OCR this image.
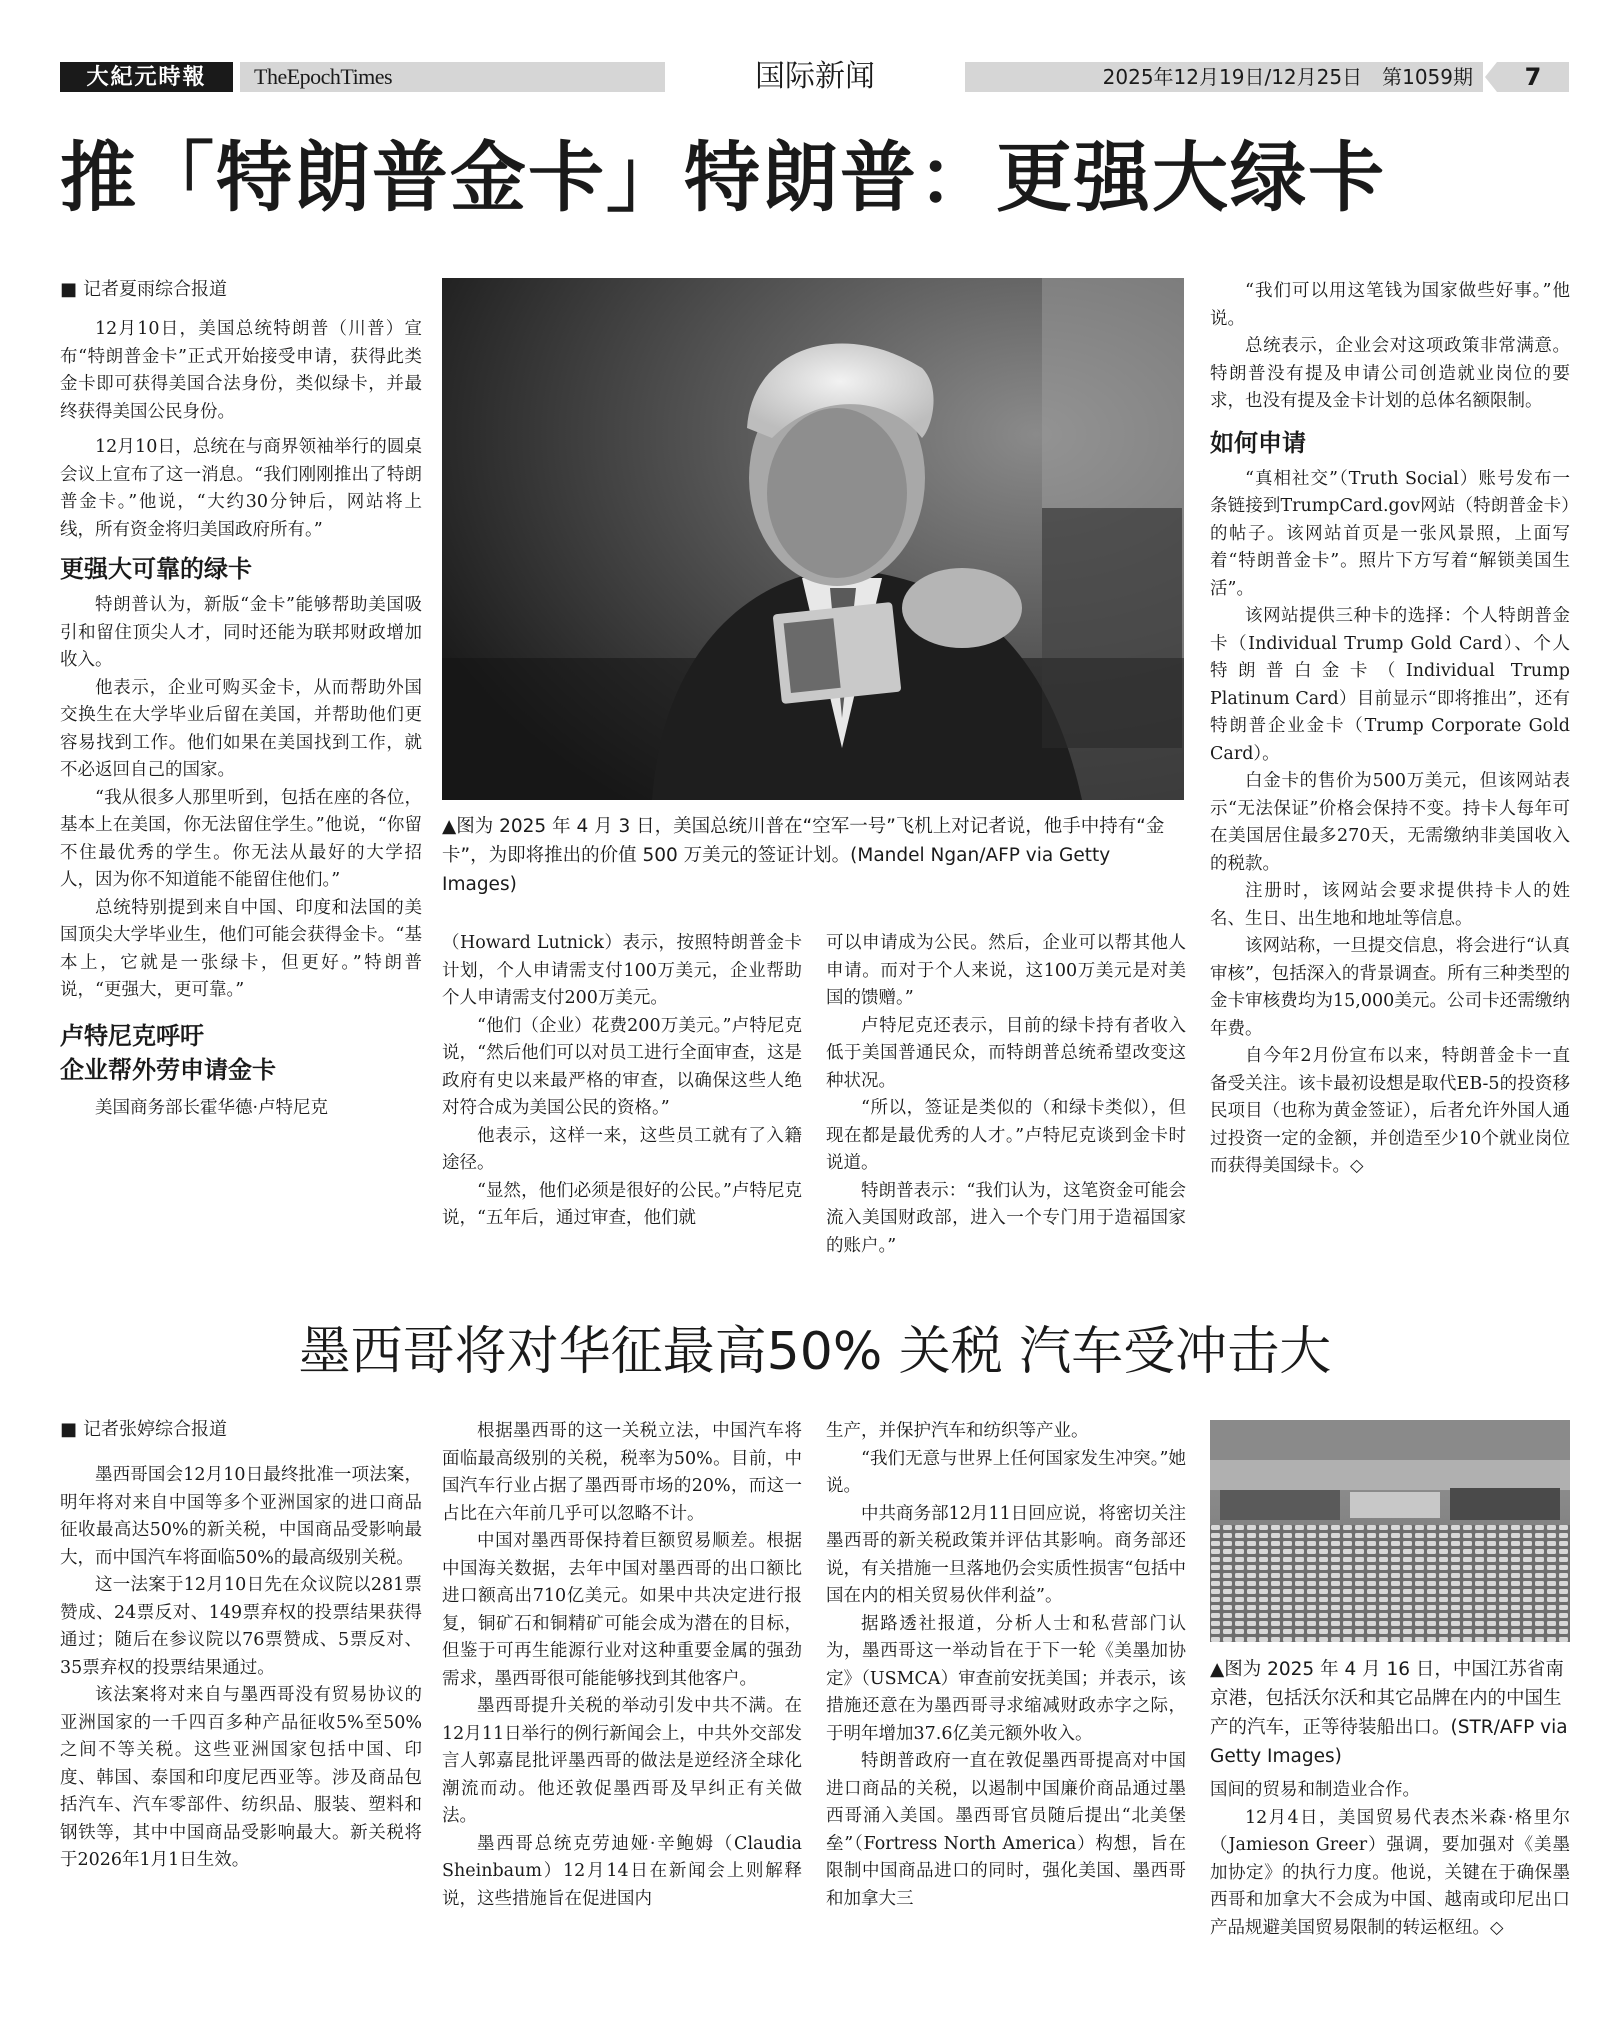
大紀元時報	TheEpochTimes	国际新闻	2025年12月19日/12月25日　第1059期	7
推「特朗普金卡」特朗普：更强大绿卡
■ 记者夏雨综合报道

12月10日，美国总统特朗普（川普）宣布“特朗普金卡”正式开始接受申请，获得此类金卡即可获得美国合法身份，类似绿卡，并最终获得美国公民身份。

12月10日，总统在与商界领袖举行的圆桌会议上宣布了这一消息。“我们刚刚推出了特朗普金卡。”他说，“大约30分钟后，网站将上线，所有资金将归美国政府所有。”

更强大可靠的绿卡

特朗普认为，新版“金卡”能够帮助美国吸引和留住顶尖人才，同时还能为联邦财政增加收入。

他表示，企业可购买金卡，从而帮助外国交换生在大学毕业后留在美国，并帮助他们更容易找到工作。他们如果在美国找到工作，就不必返回自己的国家。

“我从很多人那里听到，包括在座的各位，基本上在美国，你无法留住学生。”他说，“你留不住最优秀的学生。你无法从最好的大学招人，因为你不知道能不能留住他们。”

总统特别提到来自中国、印度和法国的美国顶尖大学毕业生，他们可能会获得金卡。“基本上，它就是一张绿卡，但更好。”特朗普说，“更强大，更可靠。”

卢特尼克呼吁
企业帮外劳申请金卡

美国商务部长霍华德·卢特尼克

▲图为 2025 年 4 月 3 日，美国总统川普在“空军一号”飞机上对记者说，他手中持有“金卡”，为即将推出的价值 500 万美元的签证计划。(Mandel Ngan/AFP via Getty Images)

（Howard Lutnick）表示，按照特朗普金卡计划，个人申请需支付100万美元，企业帮助个人申请需支付200万美元。

“他们（企业）花费200万美元。”卢特尼克说，“然后他们可以对员工进行全面审查，这是政府有史以来最严格的审查，以确保这些人绝对符合成为美国公民的资格。”

他表示，这样一来，这些员工就有了入籍途径。

“显然，他们必须是很好的公民。”卢特尼克说，“五年后，通过审查，他们就

可以申请成为公民。然后，企业可以帮其他人申请。而对于个人来说，这100万美元是对美国的馈赠。”

卢特尼克还表示，目前的绿卡持有者收入低于美国普通民众，而特朗普总统希望改变这种状况。

“所以，签证是类似的（和绿卡类似），但现在都是最优秀的人才。”卢特尼克谈到金卡时说道。

特朗普表示：“我们认为，这笔资金可能会流入美国财政部，进入一个专门用于造福国家的账户。”

“我们可以用这笔钱为国家做些好事。”他说。

总统表示，企业会对这项政策非常满意。特朗普没有提及申请公司创造就业岗位的要求，也没有提及金卡计划的总体名额限制。

如何申请

“真相社交”（Truth Social）账号发布一条链接到TrumpCard.gov网站（特朗普金卡）的帖子。该网站首页是一张风景照，上面写着“特朗普金卡”。照片下方写着“解锁美国生活”。

该网站提供三种卡的选择：个人特朗普金卡（Individual Trump Gold Card）、个人特朗普白金卡（Individual Trump Platinum Card）目前显示“即将推出”，还有特朗普企业金卡（Trump Corporate Gold Card）。

白金卡的售价为500万美元，但该网站表示“无法保证”价格会保持不变。持卡人每年可在美国居住最多270天，无需缴纳非美国收入的税款。

注册时，该网站会要求提供持卡人的姓名、生日、出生地和地址等信息。

该网站称，一旦提交信息，将会进行“认真审核”，包括深入的背景调查。所有三种类型的金卡审核费均为15,000美元。公司卡还需缴纳年费。

自今年2月份宣布以来，特朗普金卡一直备受关注。该卡最初设想是取代EB-5的投资移民项目（也称为黄金签证），后者允许外国人通过投资一定的金额，并创造至少10个就业岗位而获得美国绿卡。◇

墨西哥将对华征最高50% 关税 汽车受冲击大
■ 记者张婷综合报道

墨西哥国会12月10日最终批准一项法案，明年将对来自中国等多个亚洲国家的进口商品征收最高达50%的新关税，中国商品受影响最大，而中国汽车将面临50%的最高级别关税。

这一法案于12月10日先在众议院以281票赞成、24票反对、149票弃权的投票结果获得通过；随后在参议院以76票赞成、5票反对、35票弃权的投票结果通过。

该法案将对来自与墨西哥没有贸易协议的亚洲国家的一千四百多种产品征收5%至50%之间不等关税。这些亚洲国家包括中国、印度、韩国、泰国和印度尼西亚等。涉及商品包括汽车、汽车零部件、纺织品、服装、塑料和钢铁等，其中中国商品受影响最大。新关税将于2026年1月1日生效。

根据墨西哥的这一关税立法，中国汽车将面临最高级别的关税，税率为50%。目前，中国汽车行业占据了墨西哥市场的20%，而这一占比在六年前几乎可以忽略不计。

中国对墨西哥保持着巨额贸易顺差。根据中国海关数据，去年中国对墨西哥的出口额比进口额高出710亿美元。如果中共决定进行报复，铜矿石和铜精矿可能会成为潜在的目标，但鉴于可再生能源行业对这种重要金属的强劲需求，墨西哥很可能能够找到其他客户。

墨西哥提升关税的举动引发中共不满。在12月11日举行的例行新闻会上，中共外交部发言人郭嘉昆批评墨西哥的做法是逆经济全球化潮流而动。他还敦促墨西哥及早纠正有关做法。

墨西哥总统克劳迪娅·辛鲍姆（Claudia Sheinbaum）12月14日在新闻会上则解释说，这些措施旨在促进国内

生产，并保护汽车和纺织等产业。

“我们无意与世界上任何国家发生冲突。”她说。

中共商务部12月11日回应说，将密切关注墨西哥的新关税政策并评估其影响。商务部还说，有关措施一旦落地仍会实质性损害“包括中国在内的相关贸易伙伴利益”。

据路透社报道，分析人士和私营部门认为，墨西哥这一举动旨在于下一轮《美墨加协定》（USMCA）审查前安抚美国；并表示，该措施还意在为墨西哥寻求缩减财政赤字之际，于明年增加37.6亿美元额外收入。

特朗普政府一直在敦促墨西哥提高对中国进口商品的关税，以遏制中国廉价商品通过墨西哥涌入美国。墨西哥官员随后提出“北美堡垒”（Fortress North America）构想，旨在限制中国商品进口的同时，强化美国、墨西哥和加拿大三

▲图为 2025 年 4 月 16 日，中国江苏省南京港，包括沃尔沃和其它品牌在内的中国生产的汽车，正等待装船出口。(STR/AFP via Getty Images)

国间的贸易和制造业合作。

12月4日，美国贸易代表杰米森·格里尔（Jamieson Greer）强调，要加强对《美墨加协定》的执行力度。他说，关键在于确保墨西哥和加拿大不会成为中国、越南或印尼出口产品规避美国贸易限制的转运枢纽。◇
